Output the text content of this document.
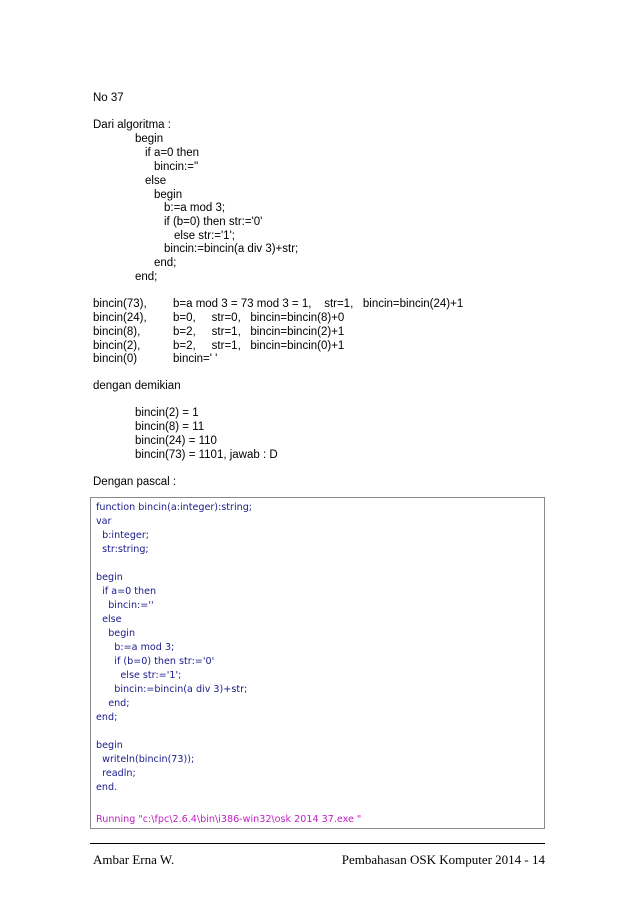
No 37
Dari algoritma :
begin
if a=0 then
bincin:=''
else
begin
b:=a mod 3;
if (b=0) then str:='0'
else str:='1';
bincin:=bincin(a div 3)+str;
end;
end;
bincin(73), b=a mod 3 = 73 mod 3 = 1,    str=1,   bincin=bincin(24)+1
bincin(24), b=0,     str=0,   bincin=bincin(8)+0
bincin(8),	b=2,     str=1,   bincin=bincin(2)+1
bincin(2),	b=2,     str=1,   bincin=bincin(0)+1
bincin(0)	bincin=' '
dengan demikian
bincin(2) = 1
bincin(8) = 11
bincin(24) = 110
bincin(73) = 1101, jawab : D
Dengan pascal :
function bincin(a:integer):string;
var
b:integer;
str:string;
begin
if a=0 then
bincin:=''
else
begin
b:=a mod 3;
if (b=0) then str:='0'
else str:='1';
bincin:=bincin(a div 3)+str;
end;
end;
begin
writeln(bincin(73));
readln;
end.
Running "c:\fpc\2.6.4\bin\i386-win32\osk 2014 37.exe "
Ambar Erna W.	Pembahasan OSK Komputer 2014 - 14
